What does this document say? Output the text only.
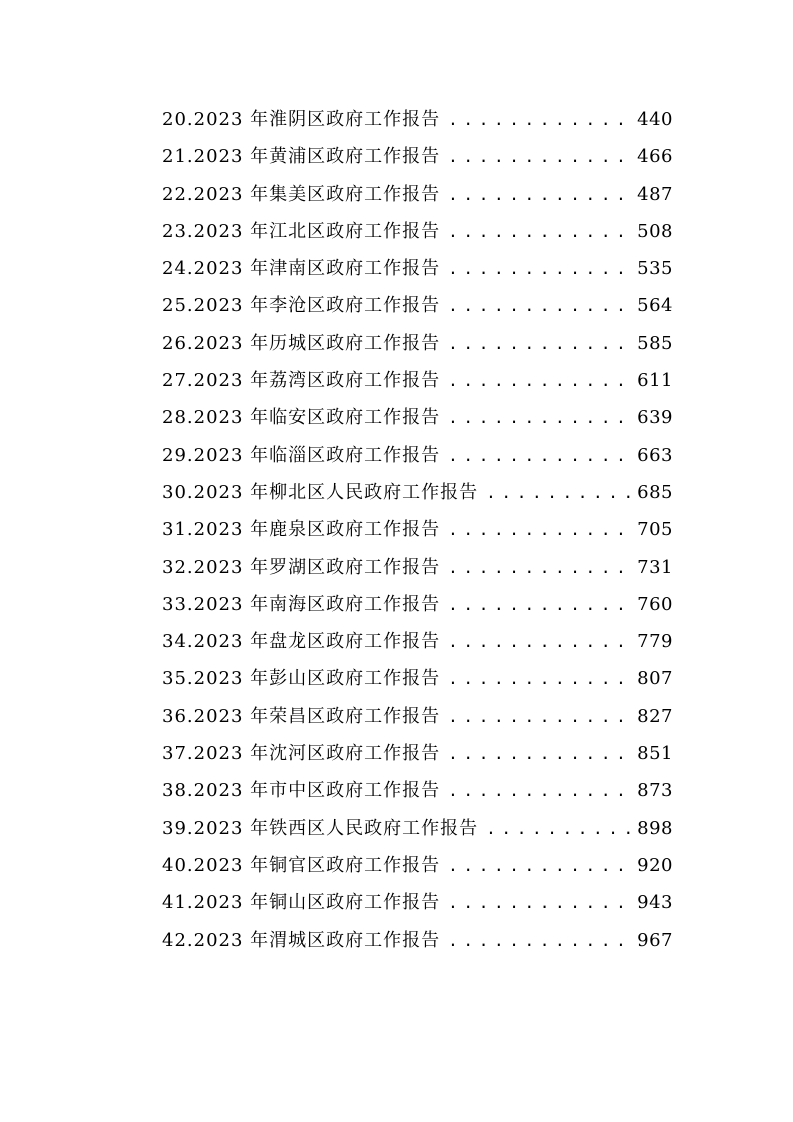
20.2023 年淮阴区政府工作报告 . . .	440
21.2023 年黄浦区政府工作报告 . . .	466
22.2023 年集美区政府工作报告 . . .	487
23.2023 年江北区政府工作报告 . . .	508
24.2023 年津南区政府工作报告 . . .	535
25.2023 年李沧区政府工作报告 . . .	564
26.2023 年历城区政府工作报告 . . .	585
27.2023 年荔湾区政府工作报告 . . .	611
28.2023 年临安区政府工作报告 . . .	639
29.2023 年临淄区政府工作报告 . . .	663
30.2023 年柳北区人民政府工作报告 . . .	685
31.2023 年鹿泉区政府工作报告 . . .	705
32.2023 年罗湖区政府工作报告 . . .	731
33.2023 年南海区政府工作报告 . . .	760
34.2023 年盘龙区政府工作报告 . . .	779
35.2023 年彭山区政府工作报告 . . .	807
36.2023 年荣昌区政府工作报告 . . .	827
37.2023 年沈河区政府工作报告 . . .	851
38.2023 年市中区政府工作报告 . . .	873
39.2023 年铁西区人民政府工作报告 . . .	898
40.2023 年铜官区政府工作报告 . . .	920
41.2023 年铜山区政府工作报告 . . .	943
42.2023 年渭城区政府工作报告 . . .	967
